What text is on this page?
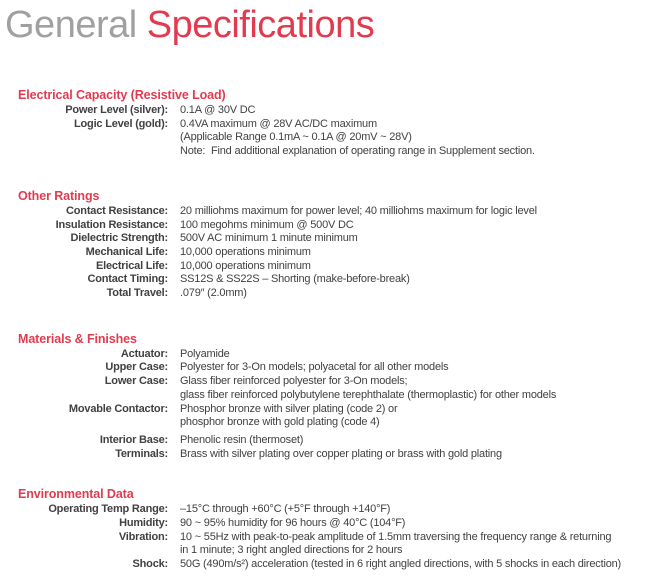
General Specifications
Electrical Capacity (Resistive Load)
Power Level (silver): 0.1A @ 30V DC
Logic Level (gold): 0.4VA maximum @ 28V AC/DC maximum
(Applicable Range 0.1mA ~ 0.1A @ 20mV ~ 28V)
Note:  Find additional explanation of operating range in Supplement section.
Other Ratings
Contact Resistance: 20 milliohms maximum for power level; 40 milliohms maximum for logic level
Insulation Resistance: 100 megohms minimum @ 500V DC
Dielectric Strength: 500V AC minimum 1 minute minimum
Mechanical Life: 10,000 operations minimum
Electrical Life: 10,000 operations minimum
Contact Timing: SS12S & SS22S – Shorting (make-before-break)
Total Travel: .079″ (2.0mm)
Materials & Finishes
Actuator: Polyamide
Upper Case: Polyester for 3-On models; polyacetal for all other models
Lower Case: Glass fiber reinforced polyester for 3-On models;
glass fiber reinforced polybutylene terephthalate (thermoplastic) for other models
Movable Contactor: Phosphor bronze with silver plating (code 2) or
phosphor bronze with gold plating (code 4)
Interior Base: Phenolic resin (thermoset)
Terminals: Brass with silver plating over copper plating or brass with gold plating
Environmental Data
Operating Temp Range: –15°C through +60°C (+5°F through +140°F)
Humidity: 90 ~ 95% humidity for 96 hours @ 40°C (104°F)
Vibration: 10 ~ 55Hz with peak-to-peak amplitude of 1.5mm traversing the frequency range & returning
in 1 minute; 3 right angled directions for 2 hours
Shock: 50G (490m/s²) acceleration (tested in 6 right angled directions, with 5 shocks in each direction)
